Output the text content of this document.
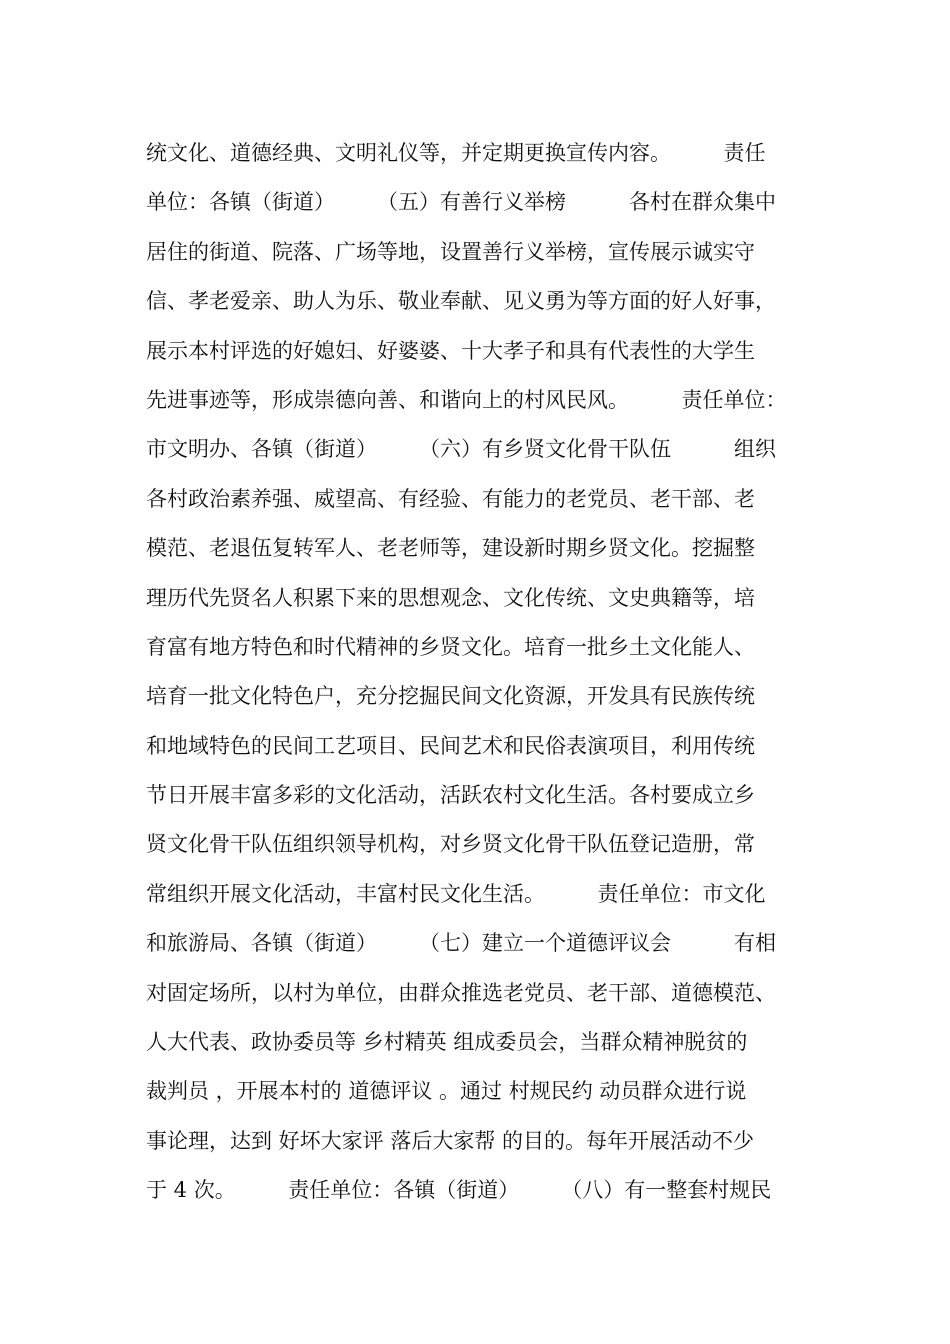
统文化、道德经典、文明礼仪等，并定期更换宣传内容。　　　责任
单位：各镇（街道）　　　（五）有善行义举榜　　　各村在群众集中
居住的街道、院落、广场等地，设置善行义举榜，宣传展示诚实守
信、孝老爱亲、助人为乐、敬业奉献、见义勇为等方面的好人好事，
展示本村评选的好媳妇、好婆婆、十大孝子和具有代表性的大学生
先进事迹等，形成崇德向善、和谐向上的村风民风。　　　责任单位：
市文明办、各镇（街道）　　　（六）有乡贤文化骨干队伍　　　组织
各村政治素养强、威望高、有经验、有能力的老党员、老干部、老
模范、老退伍复转军人、老老师等，建设新时期乡贤文化。挖掘整
理历代先贤名人积累下来的思想观念、文化传统、文史典籍等，培
育富有地方特色和时代精神的乡贤文化。培育一批乡土文化能人、
培育一批文化特色户，充分挖掘民间文化资源，开发具有民族传统
和地域特色的民间工艺项目、民间艺术和民俗表演项目，利用传统
节日开展丰富多彩的文化活动，活跃农村文化生活。各村要成立乡
贤文化骨干队伍组织领导机构，对乡贤文化骨干队伍登记造册，常
常组织开展文化活动，丰富村民文化生活。　　　责任单位：市文化
和旅游局、各镇（街道）　　　（七）建立一个道德评议会　　　有相
对固定场所，以村为单位，由群众推选老党员、老干部、道德模范、
人大代表、政协委员等 乡村精英 组成委员会，当群众精神脱贫的
裁判员 ，开展本村的 道德评议 。通过 村规民约 动员群众进行说
事论理，达到 好坏大家评 落后大家帮 的目的。每年开展活动不少
于 4 次。　　　责任单位：各镇（街道）　　　（八）有一整套村规民
